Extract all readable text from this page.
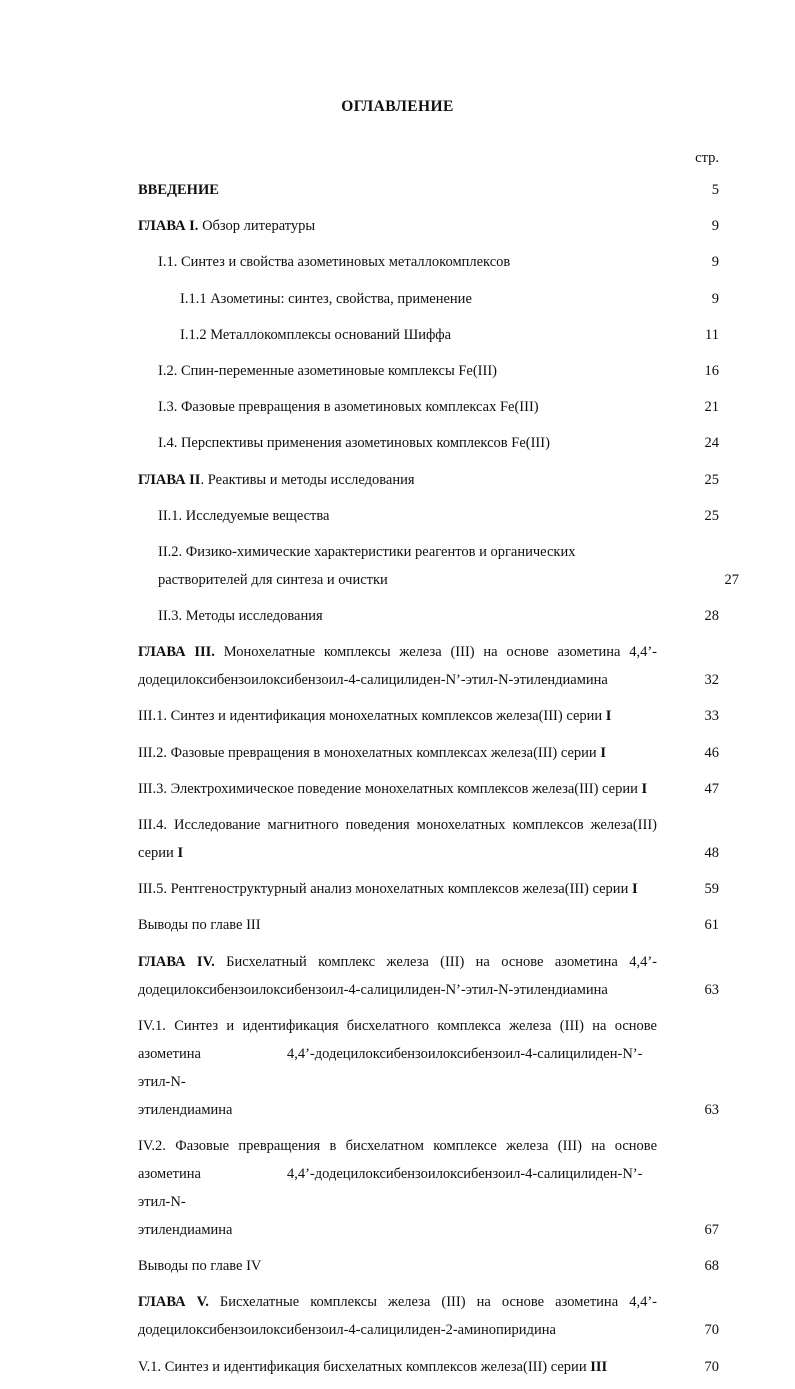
ОГЛАВЛЕНИЕ
стр.
ВВЕДЕНИЕ	5
ГЛАВА I. Обзор литературы	9
I.1. Синтез и свойства азометиновых металлокомплексов	9
I.1.1 Азометины: синтез, свойства, применение	9
I.1.2 Металлокомплексы оснований Шиффа	11
I.2. Спин-переменные азометиновые комплексы Fe(III)	16
I.3. Фазовые превращения в азометиновых комплексах Fe(III)	21
I.4. Перспективы применения азометиновых комплексов Fe(III)	24
ГЛАВА II. Реактивы и методы исследования	25
II.1. Исследуемые вещества	25
II.2. Физико-химические характеристики реагентов и органических
растворителей для синтеза и очистки	27
II.3. Методы исследования	28
ГЛАВА III. Монохелатные комплексы железа (III) на основе азометина 4,4’-додецилоксибензоилоксибензоил-4-салицилиден-N’-этил-N-этилендиамина	32
III.1. Синтез и идентификация монохелатных комплексов железа(III) серии I	33
III.2. Фазовые превращения в монохелатных комплексах железа(III) серии I	46
III.3. Электрохимическое поведение монохелатных комплексов железа(III) серии I	47
III.4. Исследование магнитного поведения монохелатных комплексов железа(III)
серии I	48
III.5. Рентгеноструктурный анализ монохелатных комплексов железа(III) серии I	59
Выводы по главе III	61
ГЛАВА IV. Бисхелатный комплекс железа (III) на основе азометина 4,4’-додецилоксибензоилоксибензоил-4-салицилиден-N’-этил-N-этилендиамина	63
IV.1. Синтез и идентификация бисхелатного комплекса железа (III) на основе
азометина	4,4’-додецилоксибензоилоксибензоил-4-салицилиден-N’-этил-N-
этилендиамина	63
IV.2. Фазовые превращения в бисхелатном комплексе железа (III) на основе
азометина	4,4’-додецилоксибензоилоксибензоил-4-салицилиден-N’-этил-N-
этилендиамина	67
Выводы по главе IV	68
ГЛАВА V. Бисхелатные комплексы железа (III) на основе азометина 4,4’-додецилоксибензоилоксибензоил-4-салицилиден-2-аминопиридина	70
V.1. Синтез и идентификация бисхелатных комплексов железа(III) серии III	70
